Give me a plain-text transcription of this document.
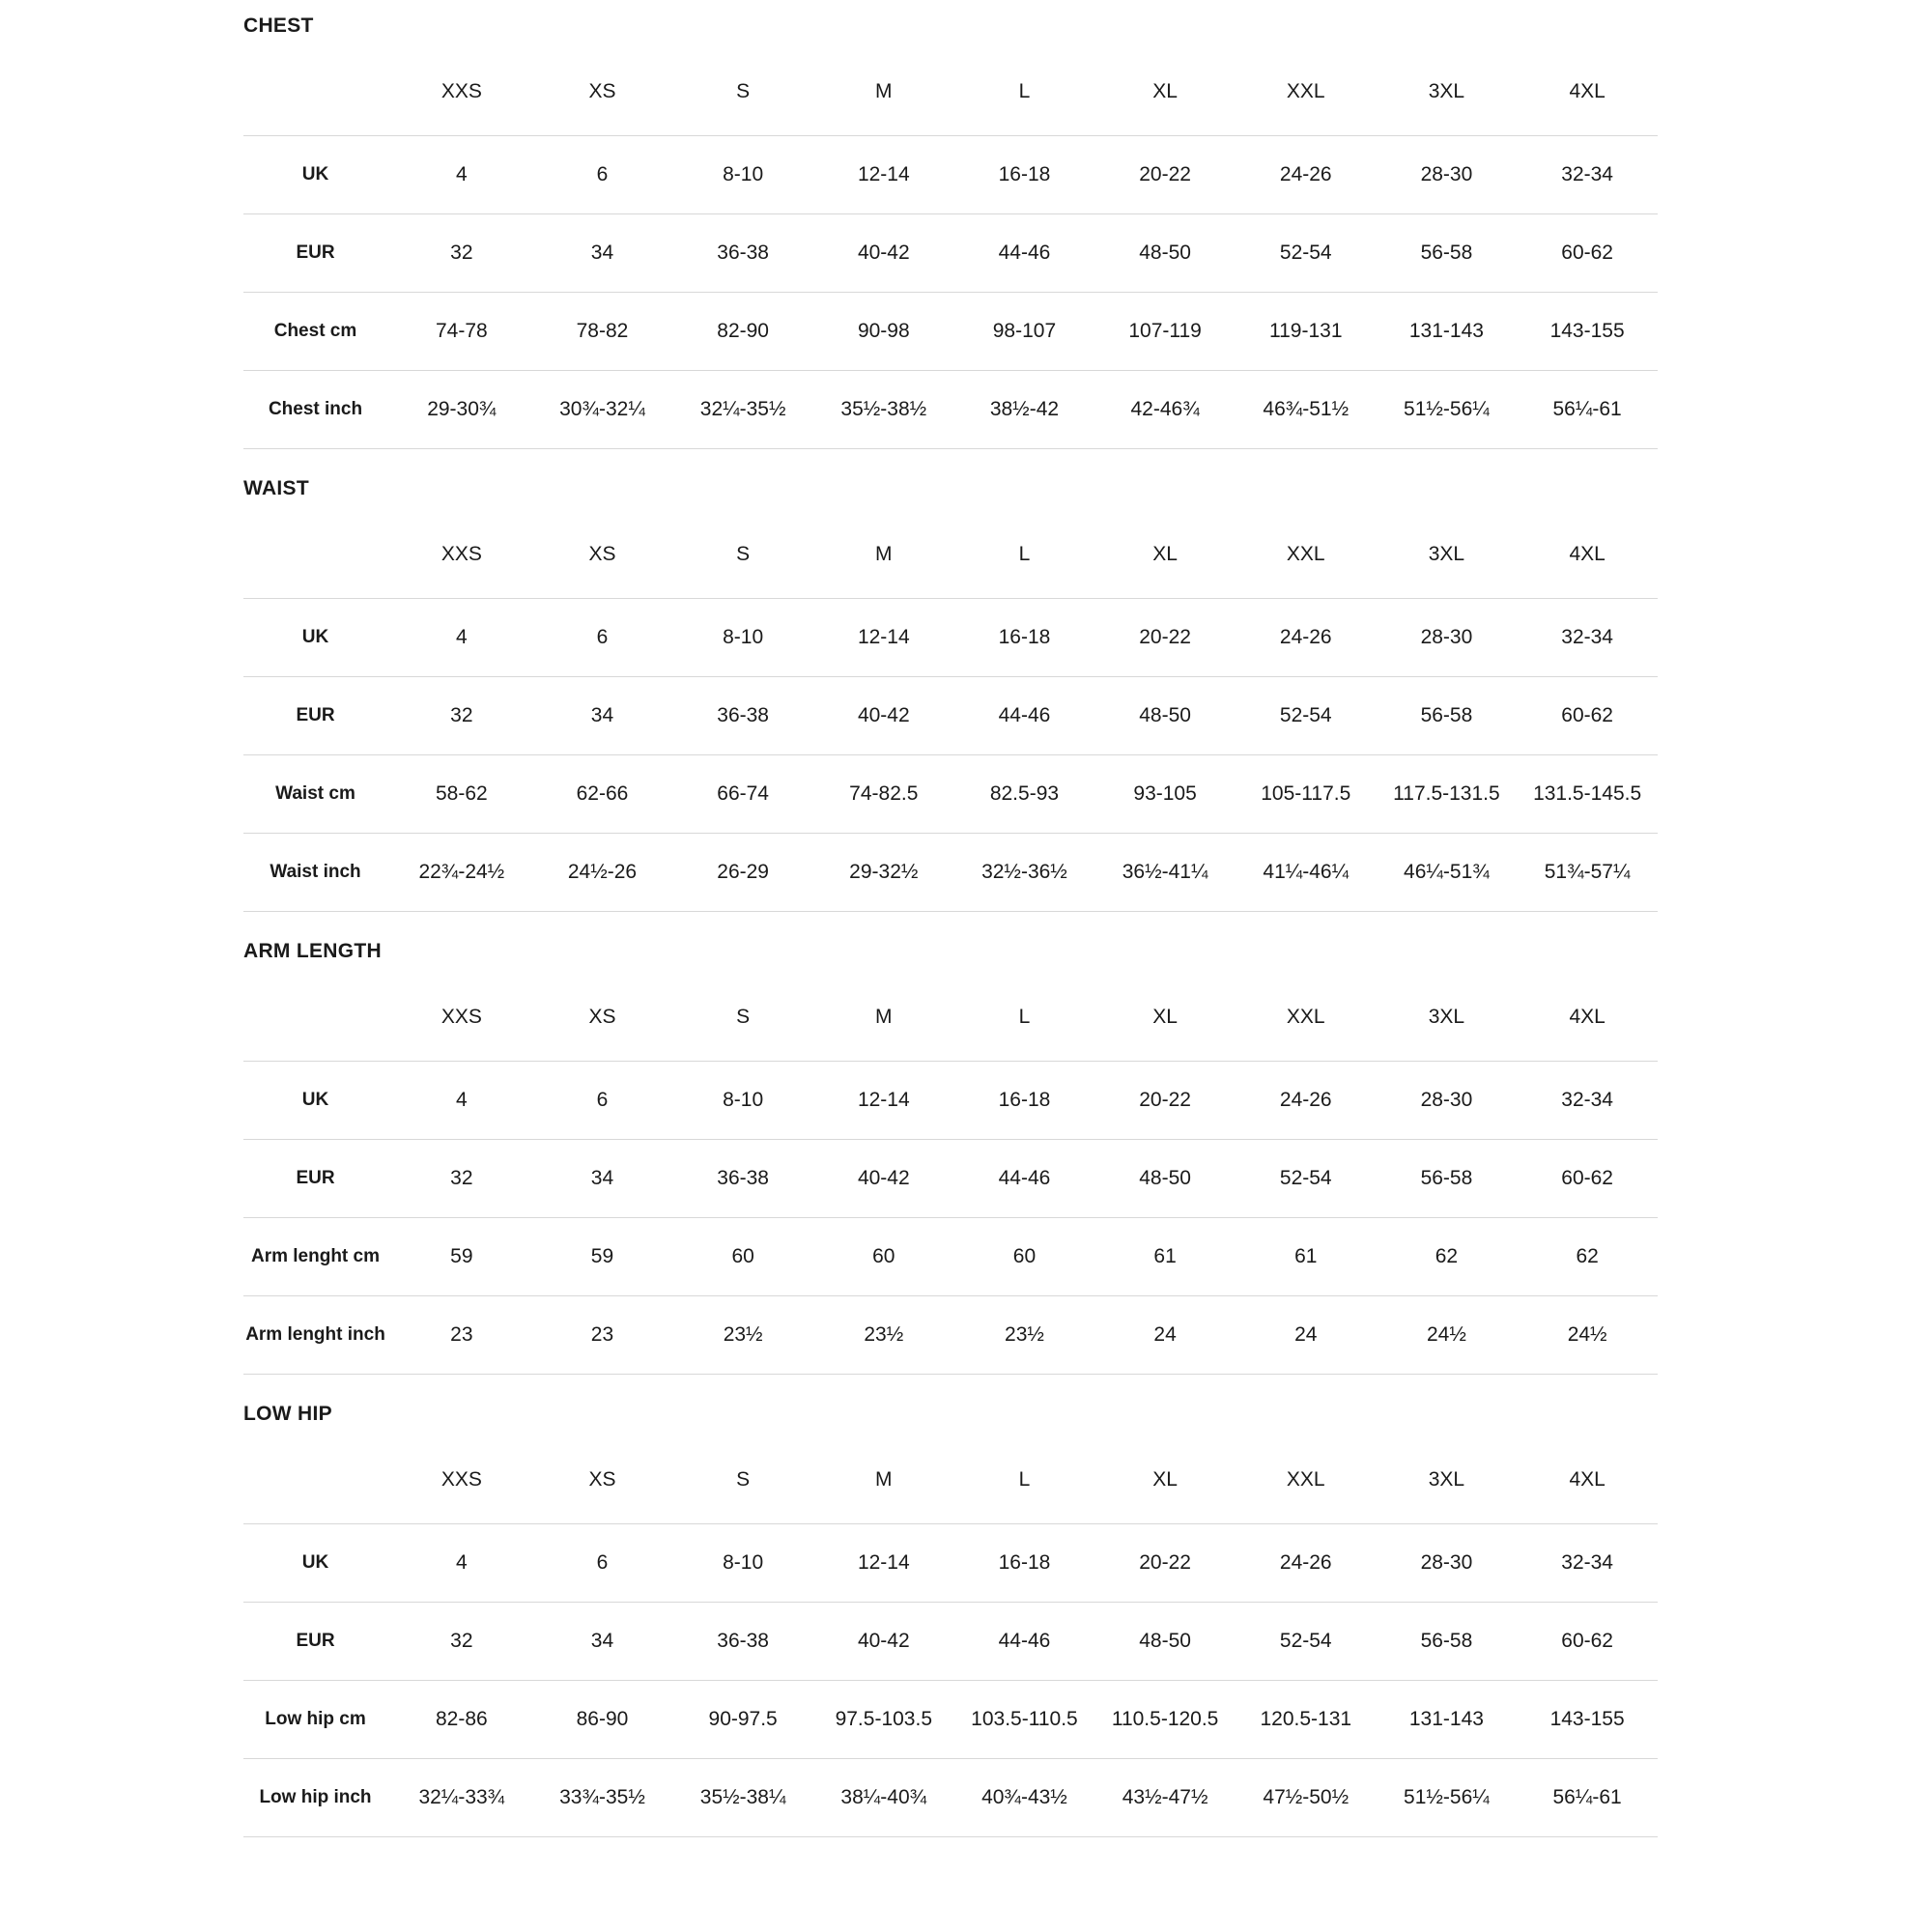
CHEST
	XXS	XS	S	M	L	XL	XXL	3XL	4XL
UK	4	6	8-10	12-14	16-18	20-22	24-26	28-30	32-34
EUR	32	34	36-38	40-42	44-46	48-50	52-54	56-58	60-62
Chest cm	74-78	78-82	82-90	90-98	98-107	107-119	119-131	131-143	143-155
Chest inch	29-30¾	30¾-32¼	32¼-35½	35½-38½	38½-42	42-46¾	46¾-51½	51½-56¼	56¼-61
WAIST
	XXS	XS	S	M	L	XL	XXL	3XL	4XL
UK	4	6	8-10	12-14	16-18	20-22	24-26	28-30	32-34
EUR	32	34	36-38	40-42	44-46	48-50	52-54	56-58	60-62
Waist cm	58-62	62-66	66-74	74-82.5	82.5-93	93-105	105-117.5	117.5-131.5	131.5-145.5
Waist inch	22¾-24½	24½-26	26-29	29-32½	32½-36½	36½-41¼	41¼-46¼	46¼-51¾	51¾-57¼
ARM LENGTH
	XXS	XS	S	M	L	XL	XXL	3XL	4XL
UK	4	6	8-10	12-14	16-18	20-22	24-26	28-30	32-34
EUR	32	34	36-38	40-42	44-46	48-50	52-54	56-58	60-62
Arm lenght cm	59	59	60	60	60	61	61	62	62
Arm lenght inch	23	23	23½	23½	23½	24	24	24½	24½
LOW HIP
	XXS	XS	S	M	L	XL	XXL	3XL	4XL
UK	4	6	8-10	12-14	16-18	20-22	24-26	28-30	32-34
EUR	32	34	36-38	40-42	44-46	48-50	52-54	56-58	60-62
Low hip cm	82-86	86-90	90-97.5	97.5-103.5	103.5-110.5	110.5-120.5	120.5-131	131-143	143-155
Low hip inch	32¼-33¾	33¾-35½	35½-38¼	38¼-40¾	40¾-43½	43½-47½	47½-50½	51½-56¼	56¼-61
